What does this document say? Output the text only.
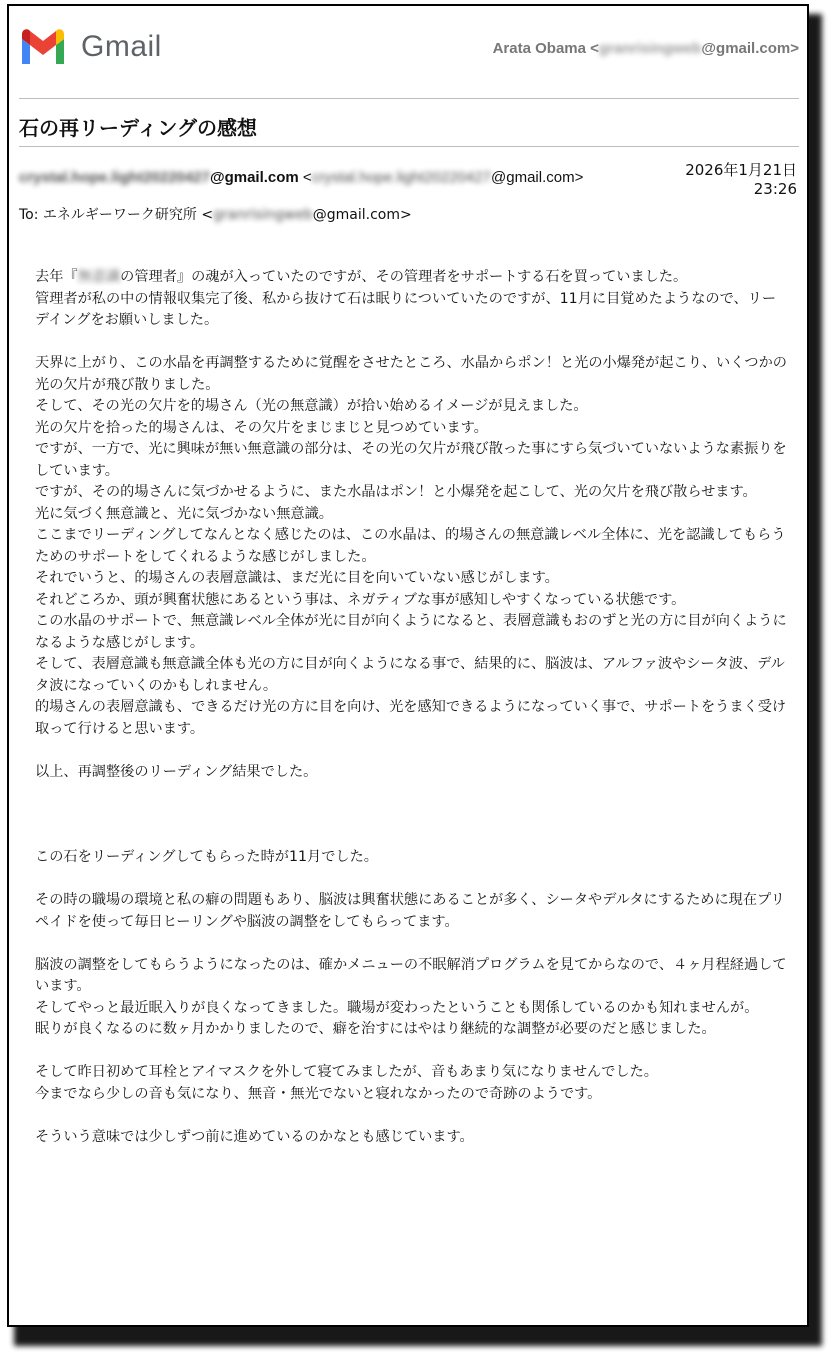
Gmail	Arata Obama <granrisingweb@gmail.com>
石の再リーディングの感想
crystal.hope.light20220427@gmail.com <crystal.hope.light20220427@gmail.com>	2026年1月21日
23:26
To: エネルギーワーク研究所 <granrisingweb@gmail.com>

去年『無意識の管理者』の魂が入っていたのですが、その管理者をサポートする石を買っていました。

管理者が私の中の情報収集完了後、私から抜けて石は眠りについていたのですが、11月に目覚めたようなので、リーデイングをお願いしました。

天界に上がり、この水晶を再調整するために覚醒をさせたところ、水晶からポン！と光の小爆発が起こり、いくつかの光の欠片が飛び散りました。

そして、その光の欠片を的場さん（光の無意識）が拾い始めるイメージが見えました。

光の欠片を拾った的場さんは、その欠片をまじまじと見つめています。

ですが、一方で、光に興味が無い無意識の部分は、その光の欠片が飛び散った事にすら気づいていないような素振りをしています。

ですが、その的場さんに気づかせるように、また水晶はポン！と小爆発を起こして、光の欠片を飛び散らせます。

光に気づく無意識と、光に気づかない無意識。

ここまでリーディングしてなんとなく感じたのは、この水晶は、的場さんの無意識レベル全体に、光を認識してもらうためのサポートをしてくれるような感じがしました。

それでいうと、的場さんの表層意識は、まだ光に目を向いていない感じがします。

それどころか、頭が興奮状態にあるという事は、ネガティブな事が感知しやすくなっている状態です。

この水晶のサポートで、無意識レベル全体が光に目が向くようになると、表層意識もおのずと光の方に目が向くようになるような感じがします。

そして、表層意識も無意識全体も光の方に目が向くようになる事で、結果的に、脳波は、アルファ波やシータ波、デルタ波になっていくのかもしれません。

的場さんの表層意識も、できるだけ光の方に目を向け、光を感知できるようになっていく事で、サポートをうまく受け取って行けると思います。

以上、再調整後のリーディング結果でした。

この石をリーディングしてもらった時が11月でした。

その時の職場の環境と私の癖の問題もあり、脳波は興奮状態にあることが多く、シータやデルタにするために現在プリペイドを使って毎日ヒーリングや脳波の調整をしてもらってます。

脳波の調整をしてもらうようになったのは、確かメニューの不眠解消プログラムを見てからなので、４ヶ月程経過しています。

そしてやっと最近眠入りが良くなってきました。職場が変わったということも関係しているのかも知れませんが。

眠りが良くなるのに数ヶ月かかりましたので、癖を治すにはやはり継続的な調整が必要のだと感じました。

そして昨日初めて耳栓とアイマスクを外して寝てみましたが、音もあまり気になりませんでした。

今までなら少しの音も気になり、無音・無光でないと寝れなかったので奇跡のようです。

そういう意味では少しずつ前に進めているのかなとも感じています。
